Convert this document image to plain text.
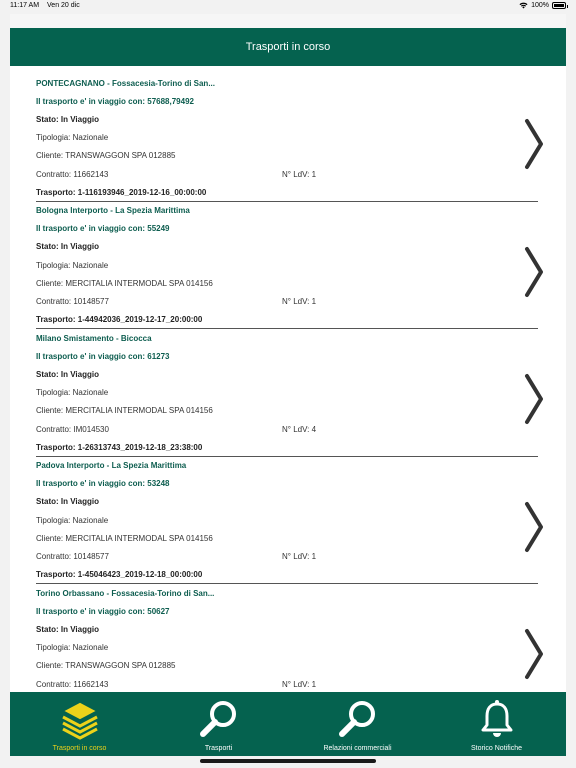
11:17 AM Ven 20 dic	100%
Trasporti in corso
PONTECAGNANO - Fossacesia-Torino di San...
Il trasporto e' in viaggio con: 57688,79492
Stato: In Viaggio
Tipologia: Nazionale
Cliente: TRANSWAGGON SPA 012885
Contratto: 11662143	N° LdV: 1
Trasporto: 1-116193946_2019-12-16_00:00:00
Bologna Interporto - La Spezia Marittima
Il trasporto e' in viaggio con: 55249
Stato: In Viaggio
Tipologia: Nazionale
Cliente: MERCITALIA INTERMODAL SPA 014156
Contratto: 10148577	N° LdV: 1
Trasporto: 1-44942036_2019-12-17_20:00:00
Milano Smistamento - Bicocca
Il trasporto e' in viaggio con: 61273
Stato: In Viaggio
Tipologia: Nazionale
Cliente: MERCITALIA INTERMODAL SPA 014156
Contratto: IM014530	N° LdV: 4
Trasporto: 1-26313743_2019-12-18_23:38:00
Padova Interporto - La Spezia Marittima
Il trasporto e' in viaggio con: 53248
Stato: In Viaggio
Tipologia: Nazionale
Cliente: MERCITALIA INTERMODAL SPA 014156
Contratto: 10148577	N° LdV: 1
Trasporto: 1-45046423_2019-12-18_00:00:00
Torino Orbassano - Fossacesia-Torino di San...
Il trasporto e' in viaggio con: 50627
Stato: In Viaggio
Tipologia: Nazionale
Cliente: TRANSWAGGON SPA 012885
Contratto: 11662143	N° LdV: 1
Trasporti in corso	Trasporti	Relazioni commerciali	Storico Notifiche
